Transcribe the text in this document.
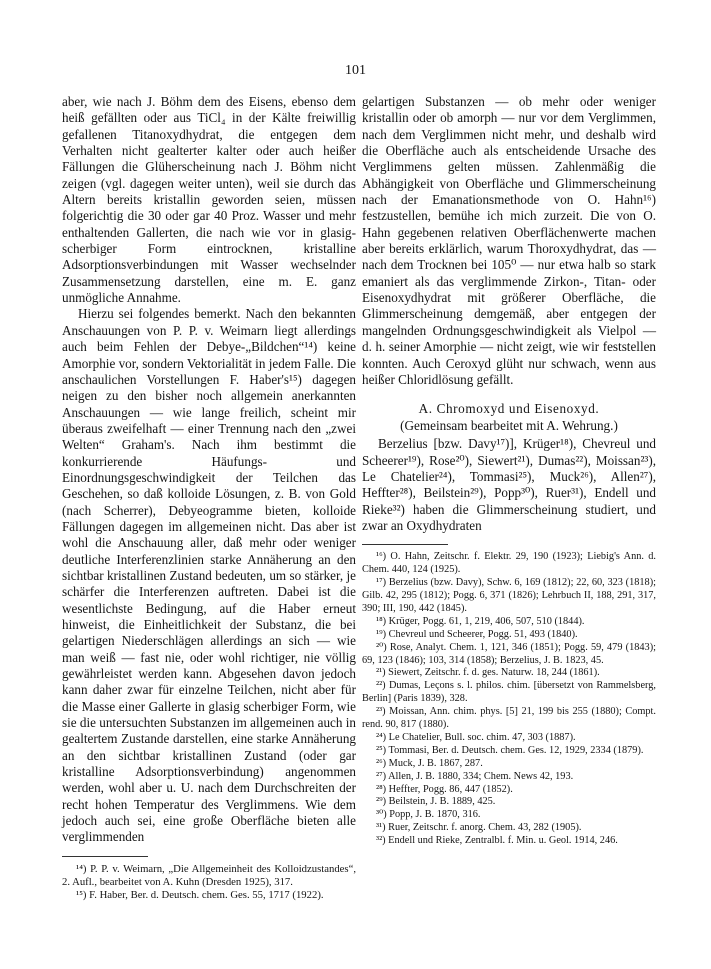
101

aber, wie nach J. Böhm dem des Eisens, ebenso dem heiß gefällten oder aus TiCl₄ in der Kälte freiwillig gefallenen Titanoxydhydrat, die entgegen dem Verhalten nicht gealterter kalter oder auch heißer Fällungen die Glüherscheinung nach J. Böhm nicht zeigen (vgl. dagegen weiter unten), weil sie durch das Altern bereits kristallin geworden seien, müssen folgerichtig die 30 oder gar 40 Proz. Wasser und mehr enthaltenden Gallerten, die nach wie vor in glasig-scherbiger Form eintrocknen, kristalline Adsorptionsverbindungen mit Wasser wechselnder Zusammensetzung darstellen, eine m. E. ganz unmögliche Annahme.

Hierzu sei folgendes bemerkt. Nach den bekannten Anschauungen von P. P. v. Weimarn liegt allerdings auch beim Fehlen der Debye-„Bildchen“¹⁴) keine Amorphie vor, sondern Vektorialität in jedem Falle. Die anschaulichen Vorstellungen F. Haber's¹⁵) dagegen neigen zu den bisher noch allgemein anerkannten Anschauungen — wie lange freilich, scheint mir überaus zweifelhaft — einer Trennung nach den „zwei Welten“ Graham's. Nach ihm bestimmt die konkurrierende Häufungs- und Einordnungsgeschwindigkeit der Teilchen das Geschehen, so daß kolloide Lösungen, z. B. von Gold (nach Scherrer), Debyeogramme bieten, kolloide Fällungen dagegen im allgemeinen nicht. Das aber ist wohl die Anschauung aller, daß mehr oder weniger deutliche Interferenzlinien starke Annäherung an den sichtbar kristallinen Zustand bedeuten, um so stärker, je schärfer die Interferenzen auftreten. Dabei ist die wesentlichste Bedingung, auf die Haber erneut hinweist, die Einheitlichkeit der Substanz, die bei gelartigen Niederschlägen allerdings an sich — wie man weiß — fast nie, oder wohl richtiger, nie völlig gewährleistet werden kann. Abgesehen davon jedoch kann daher zwar für einzelne Teilchen, nicht aber für die Masse einer Gallerte in glasig scherbiger Form, wie sie die untersuchten Substanzen im allgemeinen auch in gealtertem Zustande darstellen, eine starke Annäherung an den sichtbar kristallinen Zustand (oder gar kristalline Adsorptionsverbindung) angenommen werden, wohl aber u. U. nach dem Durchschreiten der recht hohen Temperatur des Verglimmens. Wie dem jedoch auch sei, eine große Oberfläche bieten alle verglimmenden

¹⁴) P. P. v. Weimarn, „Die Allgemeinheit des Kolloidzustandes“, 2. Aufl., bearbeitet von A. Kuhn (Dresden 1925), 317.

¹⁵) F. Haber, Ber. d. Deutsch. chem. Ges. 55, 1717 (1922).

gelartigen Substanzen — ob mehr oder weniger kristallin oder ob amorph — nur vor dem Verglimmen, nach dem Verglimmen nicht mehr, und deshalb wird die Oberfläche auch als entscheidende Ursache des Verglimmens gelten müssen. Zahlenmäßig die Abhängigkeit von Oberfläche und Glimmerscheinung nach der Emanationsmethode von O. Hahn¹⁶) festzustellen, bemühe ich mich zurzeit. Die von O. Hahn gegebenen relativen Oberflächenwerte machen aber bereits erklärlich, warum Thoroxydhydrat, das — nach dem Trocknen bei 105⁰ — nur etwa halb so stark emaniert als das verglimmende Zirkon-, Titan- oder Eisenoxydhydrat mit größerer Oberfläche, die Glimmerscheinung demgemäß, aber entgegen der mangelnden Ordnungsgeschwindigkeit als Vielpol — d. h. seiner Amorphie — nicht zeigt, wie wir feststellen konnten. Auch Ceroxyd glüht nur schwach, wenn aus heißer Chloridlösung gefällt.

A. Chromoxyd und Eisenoxyd.
(Gemeinsam bearbeitet mit A. Wehrung.)

Berzelius [bzw. Davy¹⁷)], Krüger¹⁸), Chevreul und Scheerer¹⁹), Rose²⁰), Siewert²¹), Dumas²²), Moissan²³), Le Chatelier²⁴), Tommasi²⁵), Muck²⁶), Allen²⁷), Heffter²⁸), Beilstein²⁹), Popp³⁰), Ruer³¹), Endell und Rieke³²) haben die Glimmerscheinung studiert, und zwar an Oxydhydraten

¹⁶) O. Hahn, Zeitschr. f. Elektr. 29, 190 (1923); Liebig's Ann. d. Chem. 440, 124 (1925).

¹⁷) Berzelius (bzw. Davy), Schw. 6, 169 (1812); 22, 60, 323 (1818); Gilb. 42, 295 (1812); Pogg. 6, 371 (1826); Lehrbuch II, 188, 291, 317, 390; III, 190, 442 (1845).

¹⁸) Krüger, Pogg. 61, 1, 219, 406, 507, 510 (1844).

¹⁹) Chevreul und Scheerer, Pogg. 51, 493 (1840).

²⁰) Rose, Analyt. Chem. 1, 121, 346 (1851); Pogg. 59, 479 (1843); 69, 123 (1846); 103, 314 (1858); Berzelius, J. B. 1823, 45.

²¹) Siewert, Zeitschr. f. d. ges. Naturw. 18, 244 (1861).

²²) Dumas, Leçons s. l. philos. chim. [übersetzt von Rammelsberg, Berlin] (Paris 1839), 328.

²³) Moissan, Ann. chim. phys. [5] 21, 199 bis 255 (1880); Compt. rend. 90, 817 (1880).

²⁴) Le Chatelier, Bull. soc. chim. 47, 303 (1887).

²⁵) Tommasi, Ber. d. Deutsch. chem. Ges. 12, 1929, 2334 (1879).

²⁶) Muck, J. B. 1867, 287.

²⁷) Allen, J. B. 1880, 334; Chem. News 42, 193.

²⁸) Heffter, Pogg. 86, 447 (1852).

²⁹) Beilstein, J. B. 1889, 425.

³⁰) Popp, J. B. 1870, 316.

³¹) Ruer, Zeitschr. f. anorg. Chem. 43, 282 (1905).

³²) Endell und Rieke, Zentralbl. f. Min. u. Geol. 1914, 246.
